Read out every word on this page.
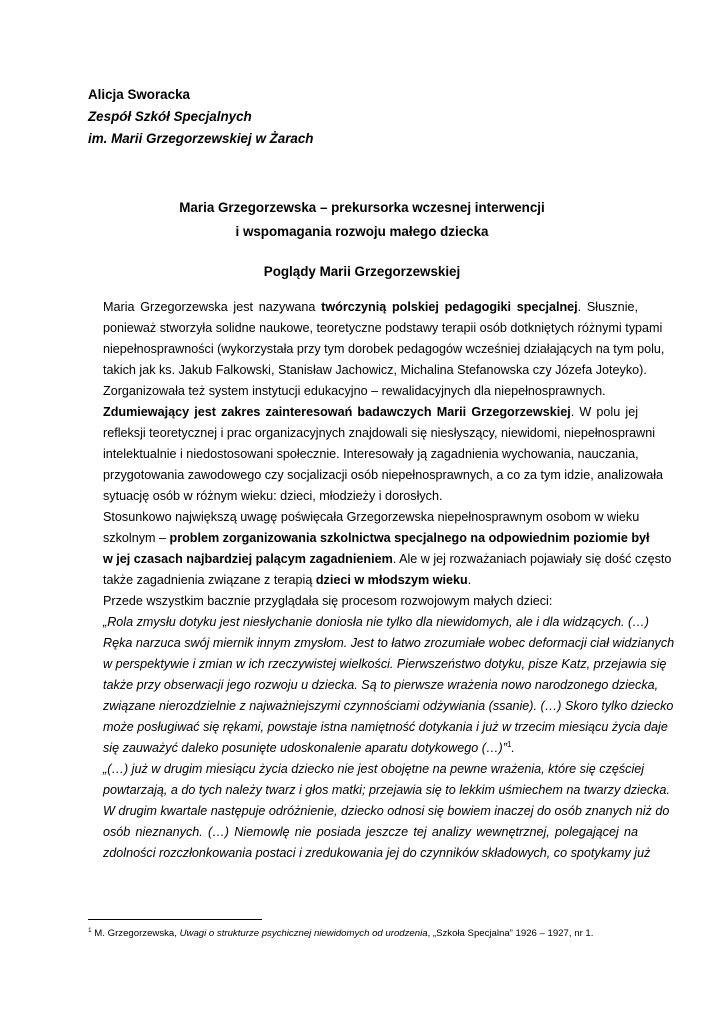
Alicja Sworacka
Zespół Szkół Specjalnych
im. Marii Grzegorzewskiej w Żarach
Maria Grzegorzewska – prekursorka wczesnej interwencji
i wspomagania rozwoju małego dziecka
Poglądy Marii Grzegorzewskiej
Maria Grzegorzewska jest nazywana twórczynią polskiej pedagogiki specjalnej. Słusznie,
ponieważ stworzyła solidne naukowe, teoretyczne podstawy terapii osób dotkniętych różnymi typami
niepełnosprawności (wykorzystała przy tym dorobek pedagogów wcześniej działających na tym polu,
takich jak ks. Jakub Falkowski, Stanisław Jachowicz, Michalina Stefanowska czy Józefa Joteyko).
Zorganizowała też system instytucji edukacyjno – rewalidacyjnych dla niepełnosprawnych.
Zdumiewający jest zakres zainteresowań badawczych Marii Grzegorzewskiej. W polu jej
refleksji teoretycznej i prac organizacyjnych znajdowali się niesłyszący, niewidomi, niepełnosprawni
intelektualnie i niedostosowani społecznie. Interesowały ją zagadnienia wychowania, nauczania,
przygotowania zawodowego czy socjalizacji osób niepełnosprawnych, a co za tym idzie, analizowała
sytuację osób w różnym wieku: dzieci, młodzieży i dorosłych.
Stosunkowo największą uwagę poświęcała Grzegorzewska niepełnosprawnym osobom w wieku
szkolnym – problem zorganizowania szkolnictwa specjalnego na odpowiednim poziomie był
w jej czasach najbardziej palącym zagadnieniem. Ale w jej rozważaniach pojawiały się dość często
także zagadnienia związane z terapią dzieci w młodszym wieku.
Przede wszystkim bacznie przyglądała się procesom rozwojowym małych dzieci:
„Rola zmysłu dotyku jest niesłychanie doniosła nie tylko dla niewidomych, ale i dla widzących. (…)
Ręka narzuca swój miernik innym zmysłom. Jest to łatwo zrozumiałe wobec deformacji ciał widzianych
w perspektywie i zmian w ich rzeczywistej wielkości. Pierwszeństwo dotyku, pisze Katz, przejawia się
także przy obserwacji jego rozwoju u dziecka. Są to pierwsze wrażenia nowo narodzonego dziecka,
związane nierozdzielnie z najważniejszymi czynnościami odżywiania (ssanie). (…) Skoro tylko dziecko
może posługiwać się rękami, powstaje istna namiętność dotykania i już w trzecim miesiącu życia daje
się zauważyć daleko posunięte udoskonalenie aparatu dotykowego (…)”$^1$.
„(…) już w drugim miesiącu życia dziecko nie jest obojętne na pewne wrażenia, które się częściej
powtarzają, a do tych należy twarz i głos matki; przejawia się to lekkim uśmiechem na twarzy dziecka.
W drugim kwartale następuje odróżnienie, dziecko odnosi się bowiem inaczej do osób znanych niż do
osób nieznanych. (…) Niemowlę nie posiada jeszcze tej analizy wewnętrznej, polegającej na
zdolności rozczłonkowania postaci i zredukowania jej do czynników składowych, co spotykamy już
$^1$ M. Grzegorzewska, Uwagi o strukturze psychicznej niewidomych od urodzenia, „Szkoła Specjalna” 1926 – 1927, nr 1.
